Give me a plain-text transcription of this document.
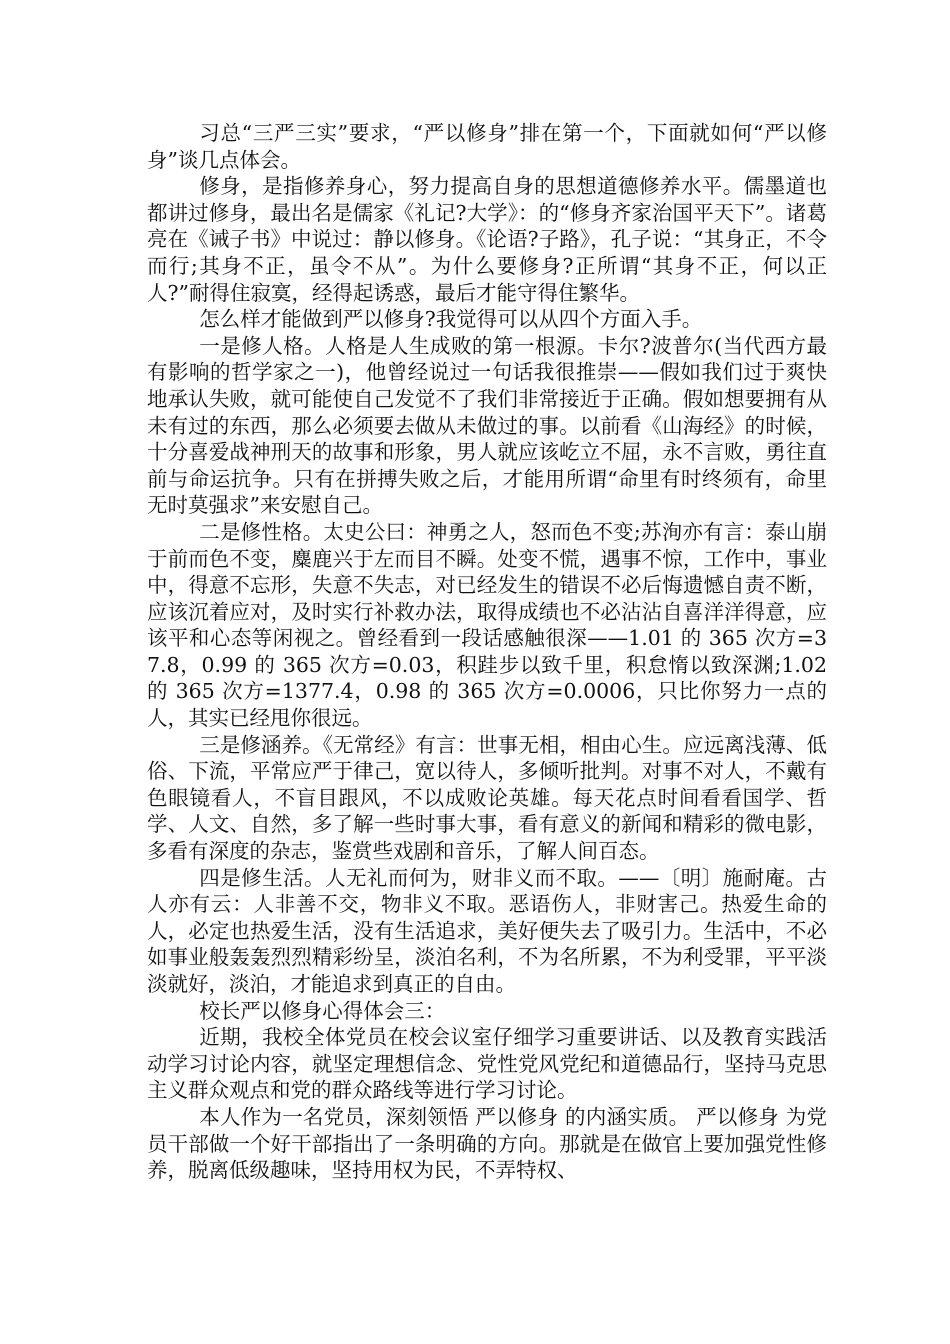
习总“三严三实”要求，“严以修身”排在第一个，下面就如何“严以修身”谈几点体会。

修身，是指修养身心，努力提高自身的思想道德修养水平。儒墨道也都讲过修身，最出名是儒家《礼记?大学》：的“修身齐家治国平天下”。诸葛亮在《诫子书》中说过：静以修身。《论语?子路》，孔子说：“其身正，不令而行;其身不正，虽令不从”。为什么要修身?正所谓“其身不正，何以正人?”耐得住寂寞，经得起诱惑，最后才能守得住繁华。

怎么样才能做到严以修身?我觉得可以从四个方面入手。

一是修人格。人格是人生成败的第一根源。卡尔?波普尔(当代西方最有影响的哲学家之一)，他曾经说过一句话我很推崇——假如我们过于爽快地承认失败，就可能使自己发觉不了我们非常接近于正确。假如想要拥有从未有过的东西，那么必须要去做从未做过的事。以前看《山海经》的时候，十分喜爱战神刑天的故事和形象，男人就应该屹立不屈，永不言败，勇往直前与命运抗争。只有在拼搏失败之后，才能用所谓“命里有时终须有，命里无时莫强求”来安慰自己。

二是修性格。太史公曰：神勇之人，怒而色不变;苏洵亦有言：泰山崩于前而色不变，麋鹿兴于左而目不瞬。处变不慌，遇事不惊，工作中，事业中，得意不忘形，失意不失志，对已经发生的错误不必后悔遗憾自责不断，应该沉着应对，及时实行补救办法，取得成绩也不必沾沾自喜洋洋得意，应该平和心态等闲视之。曾经看到一段话感触很深——1.01 的 365 次方=37.8，0.99 的 365 次方=0.03，积跬步以致千里，积怠惰以致深渊;1.02 的 365 次方=1377.4，0.98 的 365 次方=0.0006，只比你努力一点的人，其实已经甩你很远。

三是修涵养。《无常经》有言：世事无相，相由心生。应远离浅薄、低俗、下流，平常应严于律己，宽以待人，多倾听批判。对事不对人，不戴有色眼镜看人，不盲目跟风，不以成败论英雄。每天花点时间看看国学、哲学、人文、自然，多了解一些时事大事，看有意义的新闻和精彩的微电影，多看有深度的杂志，鉴赏些戏剧和音乐，了解人间百态。

四是修生活。人无礼而何为，财非义而不取。——〔明〕施耐庵。古人亦有云：人非善不交，物非义不取。恶语伤人，非财害己。热爱生命的人，必定也热爱生活，没有生活追求，美好便失去了吸引力。生活中，不必如事业般轰轰烈烈精彩纷呈，淡泊名利，不为名所累，不为利受罪，平平淡淡就好，淡泊，才能追求到真正的自由。

校长严以修身心得体会三：

近期，我校全体党员在校会议室仔细学习重要讲话、以及教育实践活动学习讨论内容，就坚定理想信念、党性党风党纪和道德品行，坚持马克思主义群众观点和党的群众路线等进行学习讨论。

本人作为一名党员，深刻领悟 严以修身 的内涵实质。 严以修身 为党员干部做一个好干部指出了一条明确的方向。那就是在做官上要加强党性修养，脱离低级趣味，坚持用权为民，不弄特权、
